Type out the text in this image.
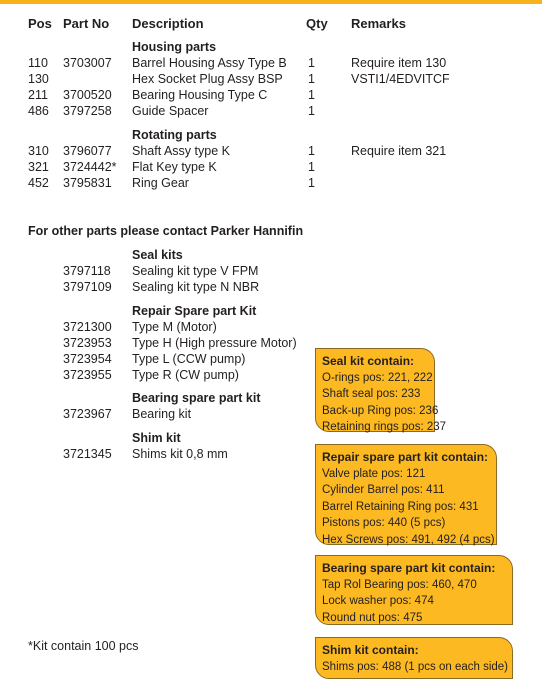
Pos Part No Description	Qty Remarks
Housing parts
110 3703007 Barrel Housing Assy Type B 1	Require item 130
130	Hex Socket Plug Assy BSP 1	VSTI1/4EDVITCF
211 3700520 Bearing Housing Type C	1
486 3797258 Guide Spacer	1
Rotating parts
310 3796077 Shaft Assy type K	1	Require item 321
321 3724442* Flat Key type K	1
452 3795831 Ring Gear	1
For other parts please contact Parker Hannifin
Seal kits
3797118 Sealing kit type V FPM
3797109 Sealing kit type N NBR
Repair Spare part Kit
3721300 Type M (Motor)
3723953 Type H (High pressure Motor)
3723954 Type L (CCW pump)
3723955 Type R (CW pump)
Bearing spare part kit
3723967 Bearing kit
Shim kit
3721345 Shims kit 0,8 mm
*Kit contain 100 pcs
Seal kit contain:
O-rings pos: 221, 222
Shaft seal pos: 233
Back-up Ring pos: 236
Retaining rings pos: 237
Repair spare part kit contain:
Valve plate pos: 121
Cylinder Barrel pos: 411
Barrel Retaining Ring pos: 431
Pistons pos: 440 (5 pcs)
Hex Screws pos: 491, 492 (4 pcs)
Bearing spare part kit contain:
Tap Rol Bearing pos: 460, 470
Lock washer pos: 474
Round nut pos: 475
Shim kit contain:
Shims pos: 488 (1 pcs on each side)
